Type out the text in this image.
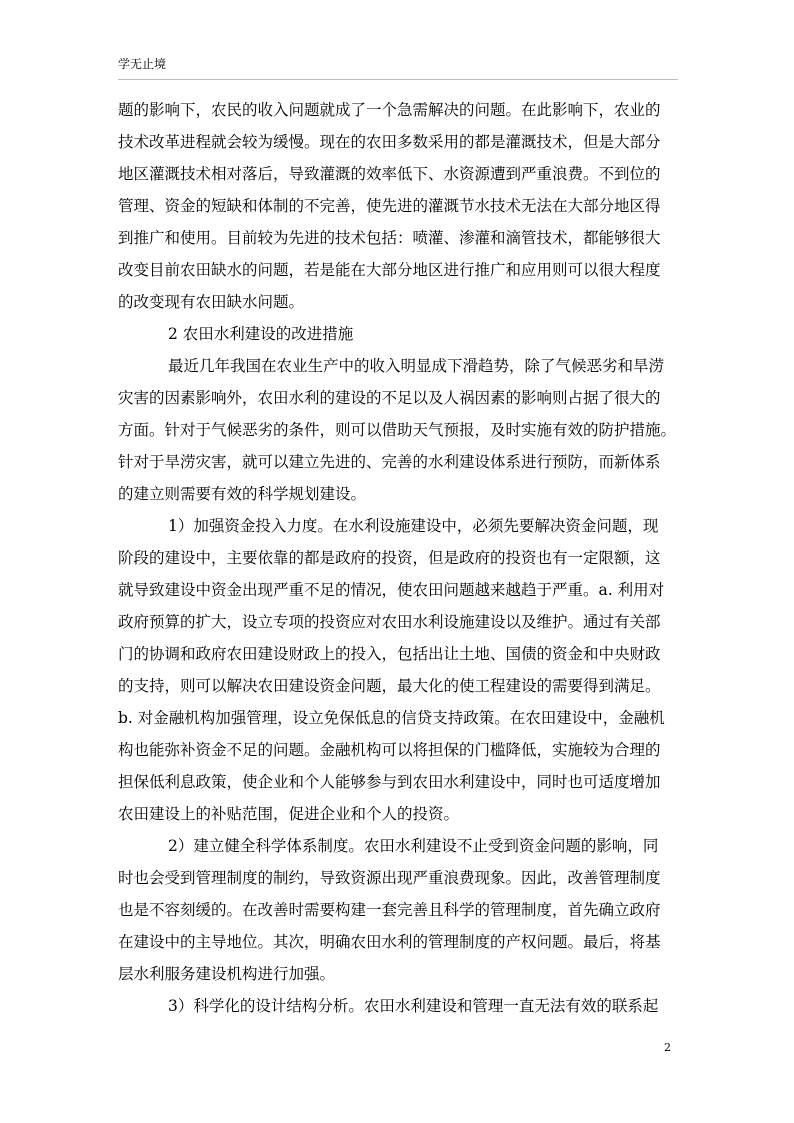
学无止境
题的影响下，农民的收入问题就成了一个急需解决的问题。在此影响下，农业的
技术改革进程就会较为缓慢。现在的农田多数采用的都是灌溉技术，但是大部分
地区灌溉技术相对落后，导致灌溉的效率低下、水资源遭到严重浪费。不到位的
管理、资金的短缺和体制的不完善，使先进的灌溉节水技术无法在大部分地区得
到推广和使用。目前较为先进的技术包括：喷灌、渗灌和滴管技术，都能够很大
改变目前农田缺水的问题，若是能在大部分地区进行推广和应用则可以很大程度
的改变现有农田缺水问题。
2 农田水利建设的改进措施
最近几年我国在农业生产中的收入明显成下滑趋势，除了气候恶劣和旱涝
灾害的因素影响外，农田水利的建设的不足以及人祸因素的影响则占据了很大的
方面。针对于气候恶劣的条件，则可以借助天气预报，及时实施有效的防护措施。
针对于旱涝灾害，就可以建立先进的、完善的水利建设体系进行预防，而新体系
的建立则需要有效的科学规划建设。
1）加强资金投入力度。在水利设施建设中，必须先要解决资金问题，现
阶段的建设中，主要依靠的都是政府的投资，但是政府的投资也有一定限额，这
就导致建设中资金出现严重不足的情况，使农田问题越来越趋于严重。a. 利用对
政府预算的扩大，设立专项的投资应对农田水利设施建设以及维护。通过有关部
门的协调和政府农田建设财政上的投入，包括出让土地、国债的资金和中央财政
的支持，则可以解决农田建设资金问题，最大化的使工程建设的需要得到满足。
b. 对金融机构加强管理，设立免保低息的信贷支持政策。在农田建设中，金融机
构也能弥补资金不足的问题。金融机构可以将担保的门槛降低，实施较为合理的
担保低利息政策，使企业和个人能够参与到农田水利建设中，同时也可适度增加
农田建设上的补贴范围，促进企业和个人的投资。
2）建立健全科学体系制度。农田水利建设不止受到资金问题的影响，同
时也会受到管理制度的制约，导致资源出现严重浪费现象。因此，改善管理制度
也是不容刻缓的。在改善时需要构建一套完善且科学的管理制度，首先确立政府
在建设中的主导地位。其次，明确农田水利的管理制度的产权问题。最后，将基
层水利服务建设机构进行加强。
3）科学化的设计结构分析。农田水利建设和管理一直无法有效的联系起
2
